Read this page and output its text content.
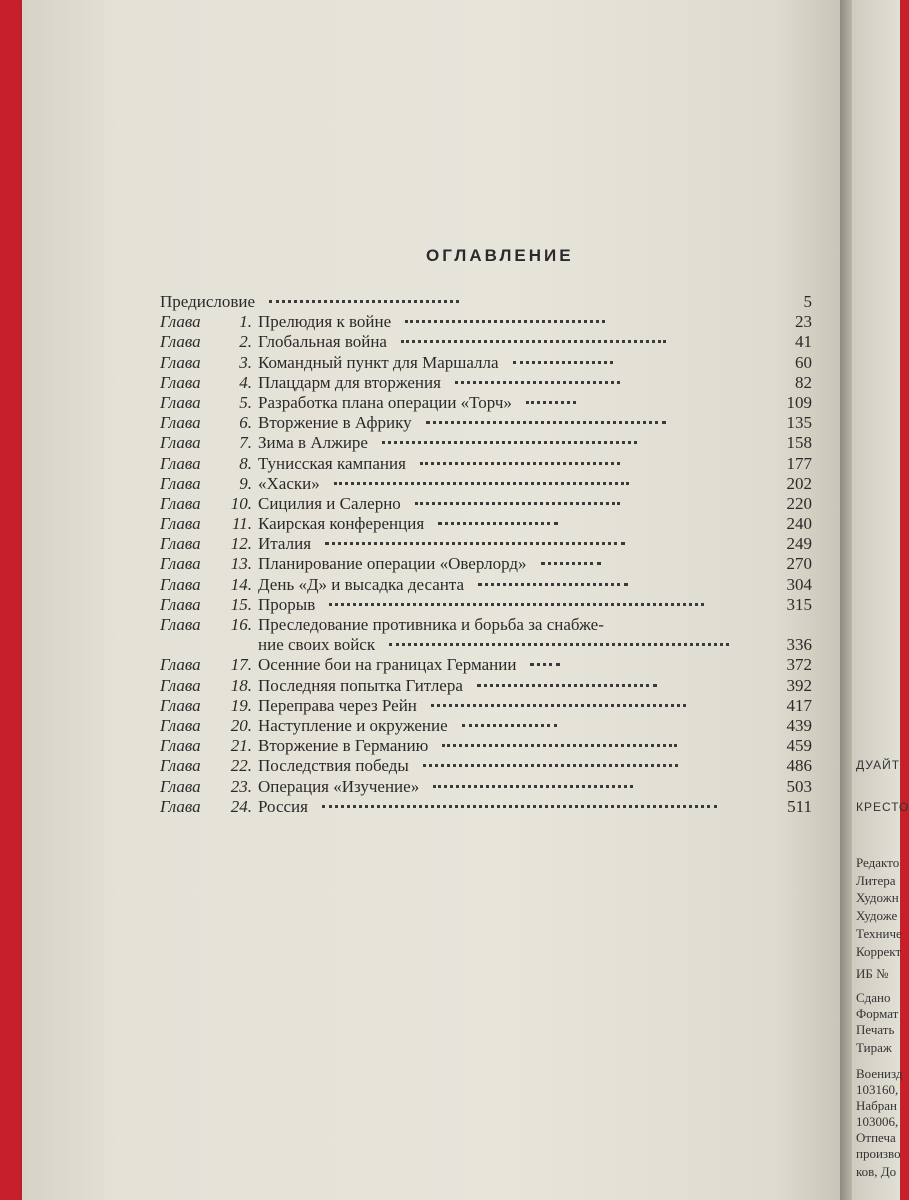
ОГЛАВЛЕНИЕ
Предисловие	5
Глава 1. Прелюдия к войне	23
Глава 2. Глобальная война	41
Глава 3. Командный пункт для Маршалла	60
Глава 4. Плацдарм для вторжения	82
Глава 5. Разработка плана операции «Торч»	109
Глава 6. Вторжение в Африку	135
Глава 7. Зима в Алжире	158
Глава 8. Тунисская кампания	177
Глава 9. «Хаски»	202
Глава 10. Сицилия и Салерно	220
Глава 11. Каирская конференция	240
Глава 12. Италия	249
Глава 13. Планирование операции «Оверлорд»	270
Глава 14. День «Д» и высадка десанта	304
Глава 15. Прорыв	315
Глава 16. Преследование противника и борьба за снабже-
ние своих войск	336
Глава 17. Осенние бои на границах Германии	372
Глава 18. Последняя попытка Гитлера	392
Глава 19. Переправа через Рейн	417
Глава 20. Наступление и окружение	439
Глава 21. Вторжение в Германию	459
Глава 22. Последствия победы	486
Глава 23. Операция «Изучение»	503
Глава 24. Россия	511
ДУАЙТ
КРЕСТО
Редакто
Литера
Художн
Художе
Техниче
Коррект
ИБ №
Сдано
Формат
Печать
Тираж
Военизд
103160,
Набран
103006,
Отпеча
произво
ков, До
